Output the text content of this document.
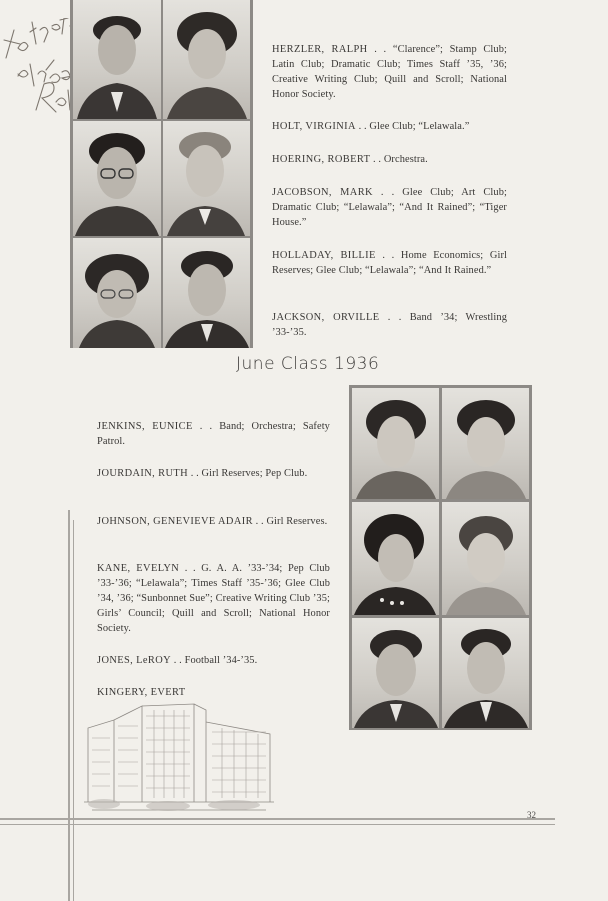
HERZLER, RALPH . . “Clarence”; Stamp Club; Latin Club; Dramatic Club; Times Staff ’35, ’36; Creative Writing Club; Quill and Scroll; National Honor Society.
HOLT, VIRGINIA . . Glee Club; “Lelawala.”
HOERING, ROBERT . . Orchestra.
JACOBSON, MARK . . Glee Club; Art Club; Dramatic Club; “Lelawala”; “And It Rained”; “Tiger House.”
HOLLADAY, BILLIE . . Home Economics; Girl Reserves; Glee Club; “Lelawala”; “And It Rained.”
JACKSON, ORVILLE . . Band ’34; Wrestling ’33-’35.
June Class 1936
JENKINS, EUNICE . . Band; Orchestra; Safety Patrol.
JOURDAIN, RUTH . . Girl Reserves; Pep Club.
JOHNSON, GENEVIEVE ADAIR . . Girl Reserves.
KANE, EVELYN . . G. A. A. ’33-’34; Pep Club ’33-’36; “Lelawala”; Times Staff ’35-’36; Glee Club ’34, ’36; “Sunbonnet Sue”; Creative Writing Club ’35; Girls’ Council; Quill and Scroll; National Honor Society.
JONES, LeROY . . Football ’34-’35.
KINGERY, EVERT
32
